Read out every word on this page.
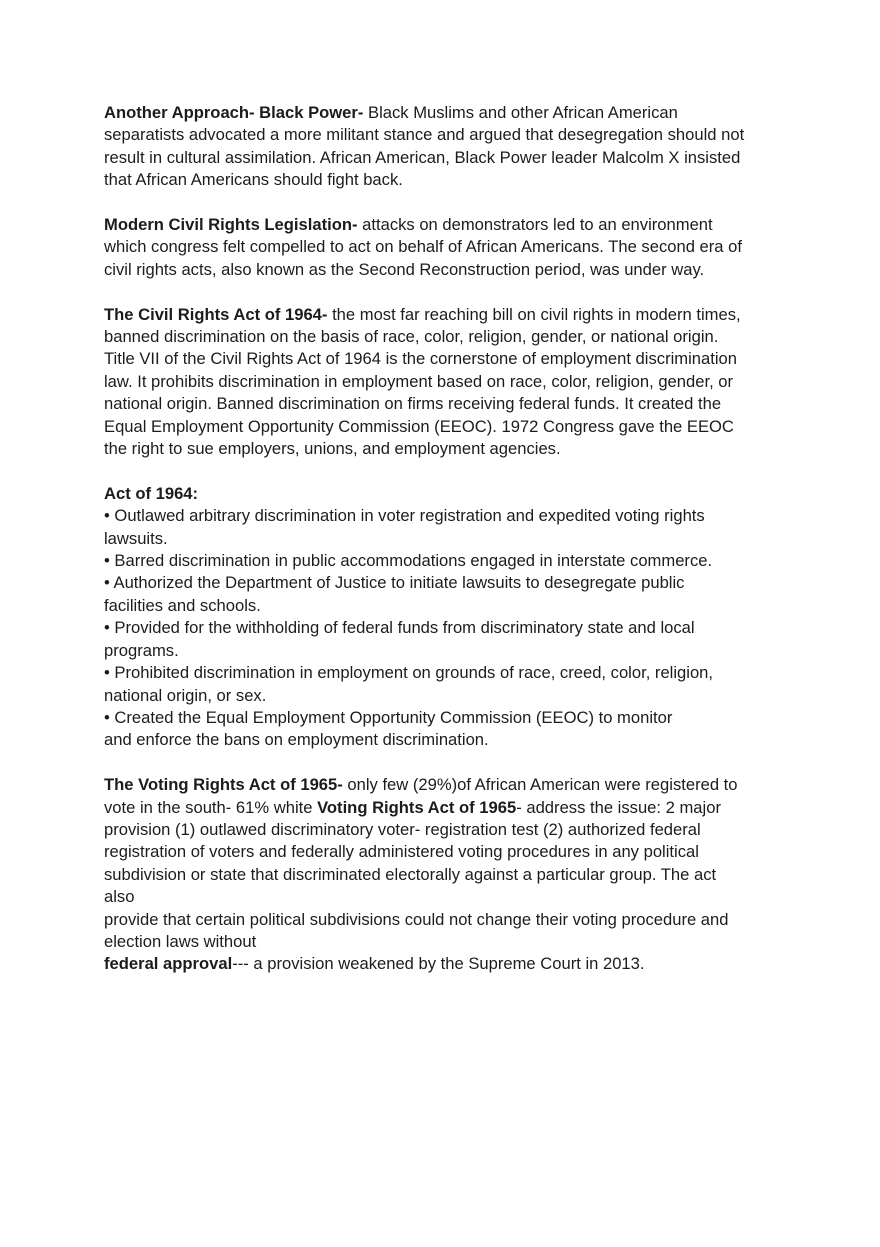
Another Approach- Black Power- Black Muslims and other African American
separatists advocated a more militant stance and argued that desegregation should not
result in cultural assimilation. African American, Black Power leader Malcolm X insisted
that African Americans should fight back.
Modern Civil Rights Legislation- attacks on demonstrators led to an environment
which congress felt compelled to act on behalf of African Americans. The second era of
civil rights acts, also known as the Second Reconstruction period, was under way.
The Civil Rights Act of 1964- the most far reaching bill on civil rights in modern times,
banned discrimination on the basis of race, color, religion, gender, or national origin.
Title VII of the Civil Rights Act of 1964 is the cornerstone of employment discrimination
law. It prohibits discrimination in employment based on race, color, religion, gender, or
national origin. Banned discrimination on firms receiving federal funds. It created the
Equal Employment Opportunity Commission (EEOC). 1972 Congress gave the EEOC
the right to sue employers, unions, and employment agencies.
Act of 1964:
• Outlawed arbitrary discrimination in voter registration and expedited voting rights
lawsuits.
• Barred discrimination in public accommodations engaged in interstate commerce.
• Authorized the Department of Justice to initiate lawsuits to desegregate public
facilities and schools.
• Provided for the withholding of federal funds from discriminatory state and local
programs.
• Prohibited discrimination in employment on grounds of race, creed, color, religion,
national origin, or sex.
• Created the Equal Employment Opportunity Commission (EEOC) to monitor
and enforce the bans on employment discrimination.
The Voting Rights Act of 1965- only few (29%)of African American were registered to
vote in the south- 61% white Voting Rights Act of 1965- address the issue: 2 major
provision (1) outlawed discriminatory voter- registration test (2) authorized federal
registration of voters and federally administered voting procedures in any political
subdivision or state that discriminated electorally against a particular group. The act
also
provide that certain political subdivisions could not change their voting procedure and
election laws without
federal approval--- a provision weakened by the Supreme Court in 2013.
